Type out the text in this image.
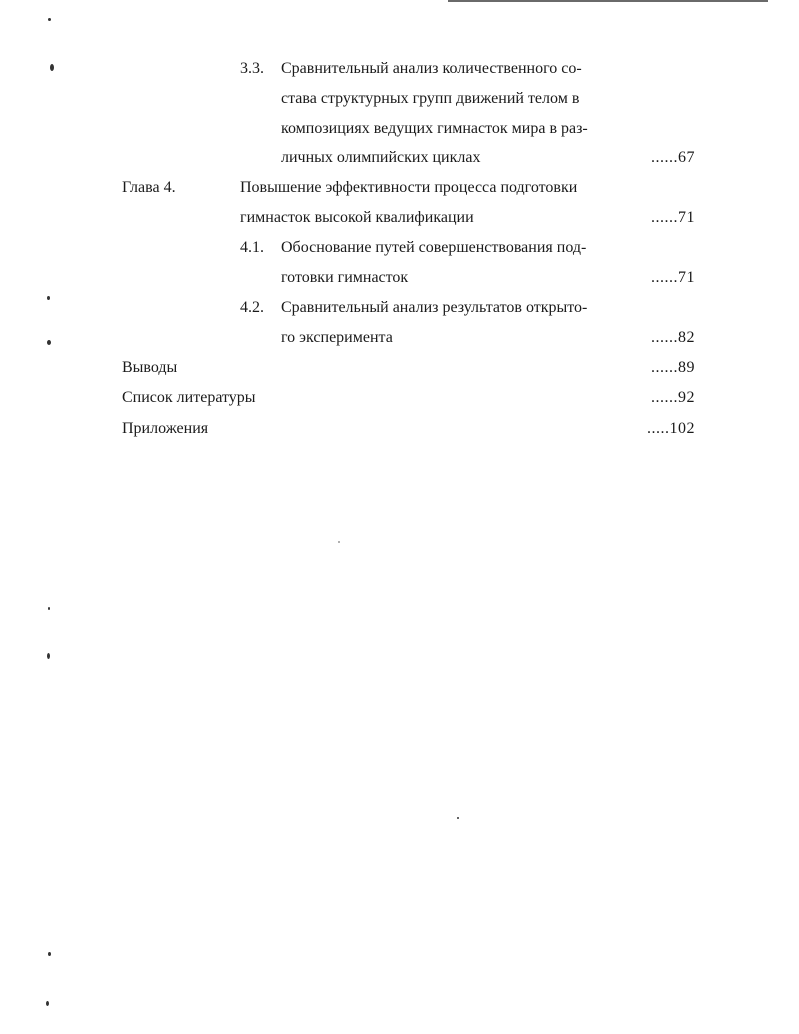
3.3. Сравнительный анализ количественного со-
става структурных групп движений телом в
композициях ведущих гимнасток мира в раз-
личных олимпийских циклах	......67
Глава 4.	Повышение эффективности процесса подготовки
гимнасток высокой квалификации	......71
4.1. Обоснование путей совершенствования под-
готовки гимнасток	......71
4.2. Сравнительный анализ результатов открыто-
го эксперимента	......82
Выводы	......89
Список литературы	......92
Приложения	.....102
